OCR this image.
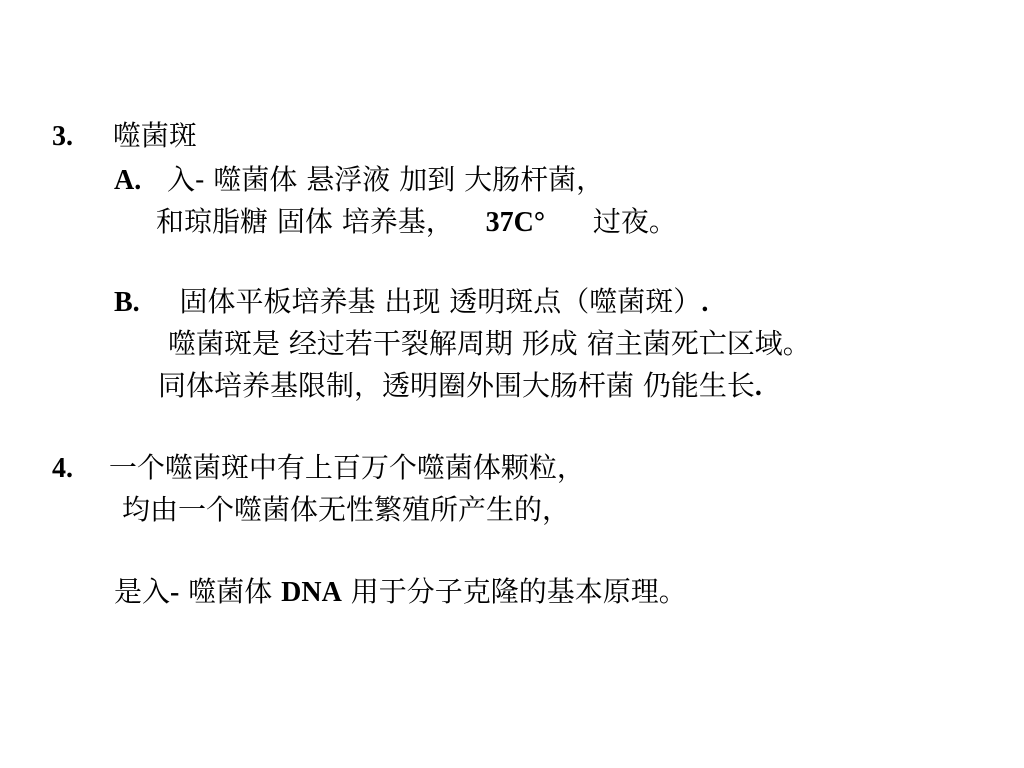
3. 噬菌斑
A. 入- 噬菌体 悬浮液 加到 大肠杆菌，
和琼脂糖 固体 培养基， 37C° 过夜。
B. 固体平板培养基 出现 透明斑点（噬菌斑）.
噬菌斑是 经过若干裂解周期 形成 宿主菌死亡区域。
同体培养基限制，透明圈外围大肠杆菌 仍能生长.
4. 一个噬菌斑中有上百万个噬菌体颗粒，
均由一个噬菌体无性繁殖所产生的，
是入- 噬菌体 DNA 用于分子克隆的基本原理。
